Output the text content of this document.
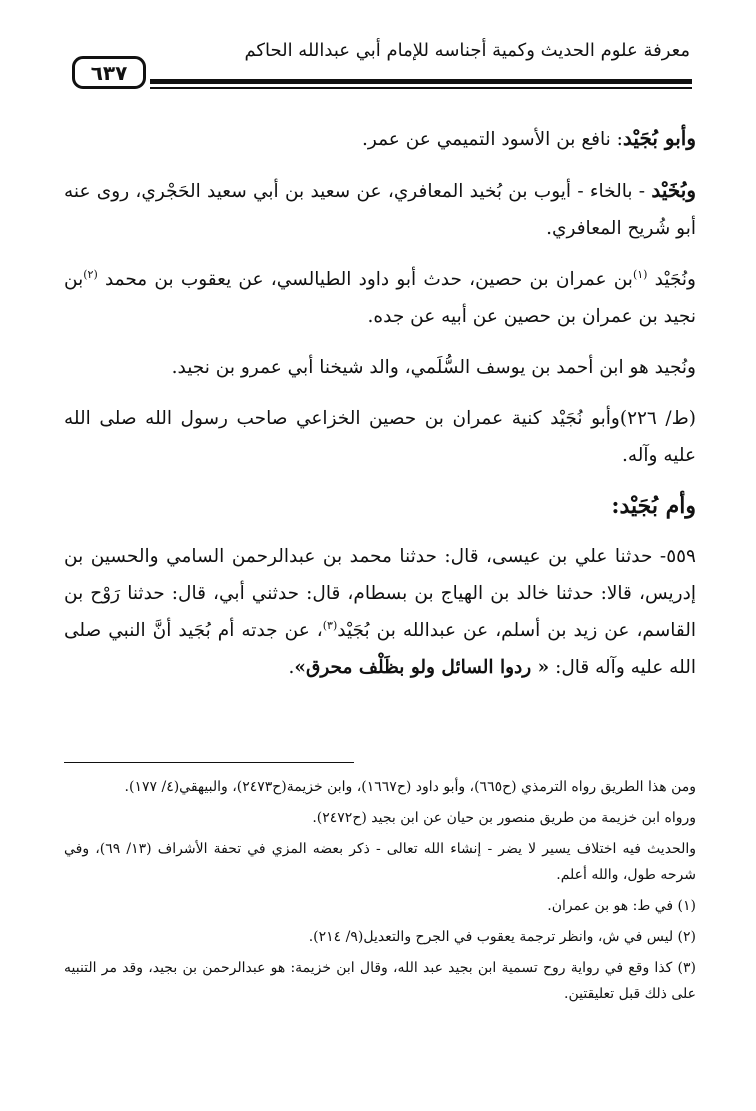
معرفة علوم الحديث وكمية أجناسه للإمام أبي عبدالله الحاكم
٦٣٧

وأبو بُجَيْد: نافع بن الأسود التميمي عن عمر.

وبُخَيْد - بالخاء - أيوب بن بُخيد المعافري، عن سعيد بن أبي سعيد الحَجْري، روى عنه أبو شُريح المعافري.

ونُجَيْد $^{(١)}$بن عمران بن حصين، حدث أبو داود الطيالسي، عن يعقوب بن محمد $^{(٢)}$بن نجيد بن عمران بن حصين عن أبيه عن جده.

ونُجيد هو ابن أحمد بن يوسف السُّلَمي، والد شيخنا أبي عمرو بن نجيد.

(ط/ ٢٢٦)وأبو نُجَيْد كنية عمران بن حصين الخزاعي صاحب رسول الله صلى الله عليه وآله.

وأم بُجَيْد:

٥٥٩- حدثنا علي بن عيسى، قال: حدثنا محمد بن عبدالرحمن السامي والحسين بن إدريس، قالا: حدثنا خالد بن الهياج بن بسطام، قال: حدثني أبي، قال: حدثنا رَوْح بن القاسم، عن زيد بن أسلم، عن عبدالله بن بُجَيْد$^{(٣)}$، عن جدته أم بُجَيد أنَّ النبي صلى الله عليه وآله قال: « ردوا السائل ولو بظَلْف محرق».

ومن هذا الطريق رواه الترمذي (ح٦٦٥)، وأبو داود (ح١٦٦٧)، وابن خزيمة(ح٢٤٧٣)، والبيهقي(٤/ ١٧٧).

ورواه ابن خزيمة من طريق منصور بن حيان عن ابن بجيد (ح٢٤٧٢).

والحديث فيه اختلاف يسير لا يضر - إنشاء الله تعالى - ذكر بعضه المزي في تحفة الأشراف (١٣/ ٦٩)، وفي شرحه طول، والله أعلم.

(١) في ط: هو بن عمران.

(٢) ليس في ش، وانظر ترجمة يعقوب في الجرح والتعديل(٩/ ٢١٤).

(٣) كذا وقع في رواية روح تسمية ابن بجيد عبد الله، وقال ابن خزيمة: هو عبدالرحمن بن بجيد، وقد مر التنبيه على ذلك قبل تعليقتين.
